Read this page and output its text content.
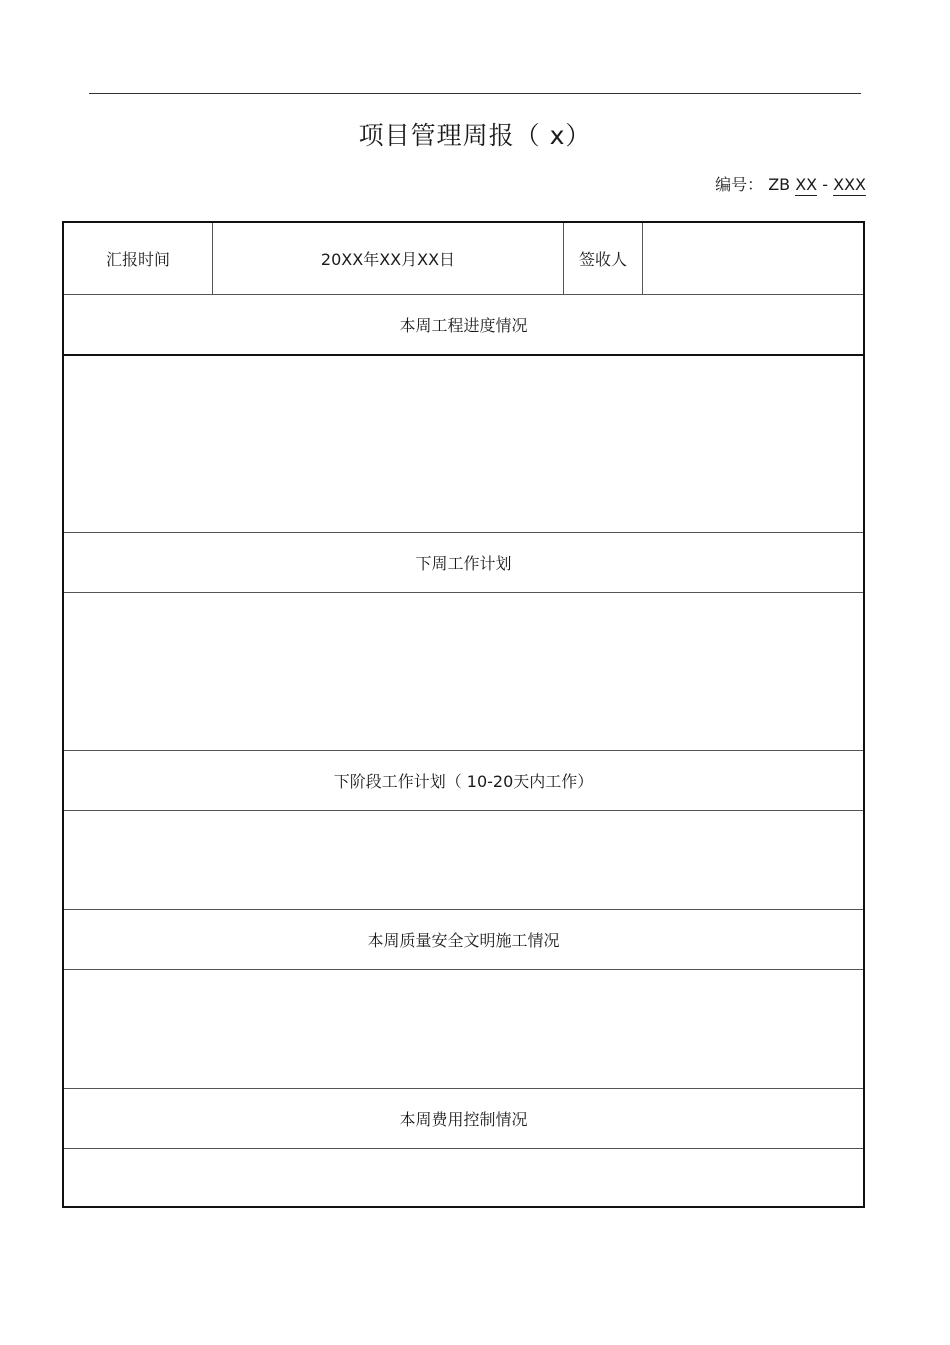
项目管理周报（ x）
编号： ZB XX - XXX
汇报时间	20XX年XX月XX日	签收人
本周工程进度情况
下周工作计划
下阶段工作计划（ 10-20天内工作）
本周质量安全文明施工情况
本周费用控制情况
